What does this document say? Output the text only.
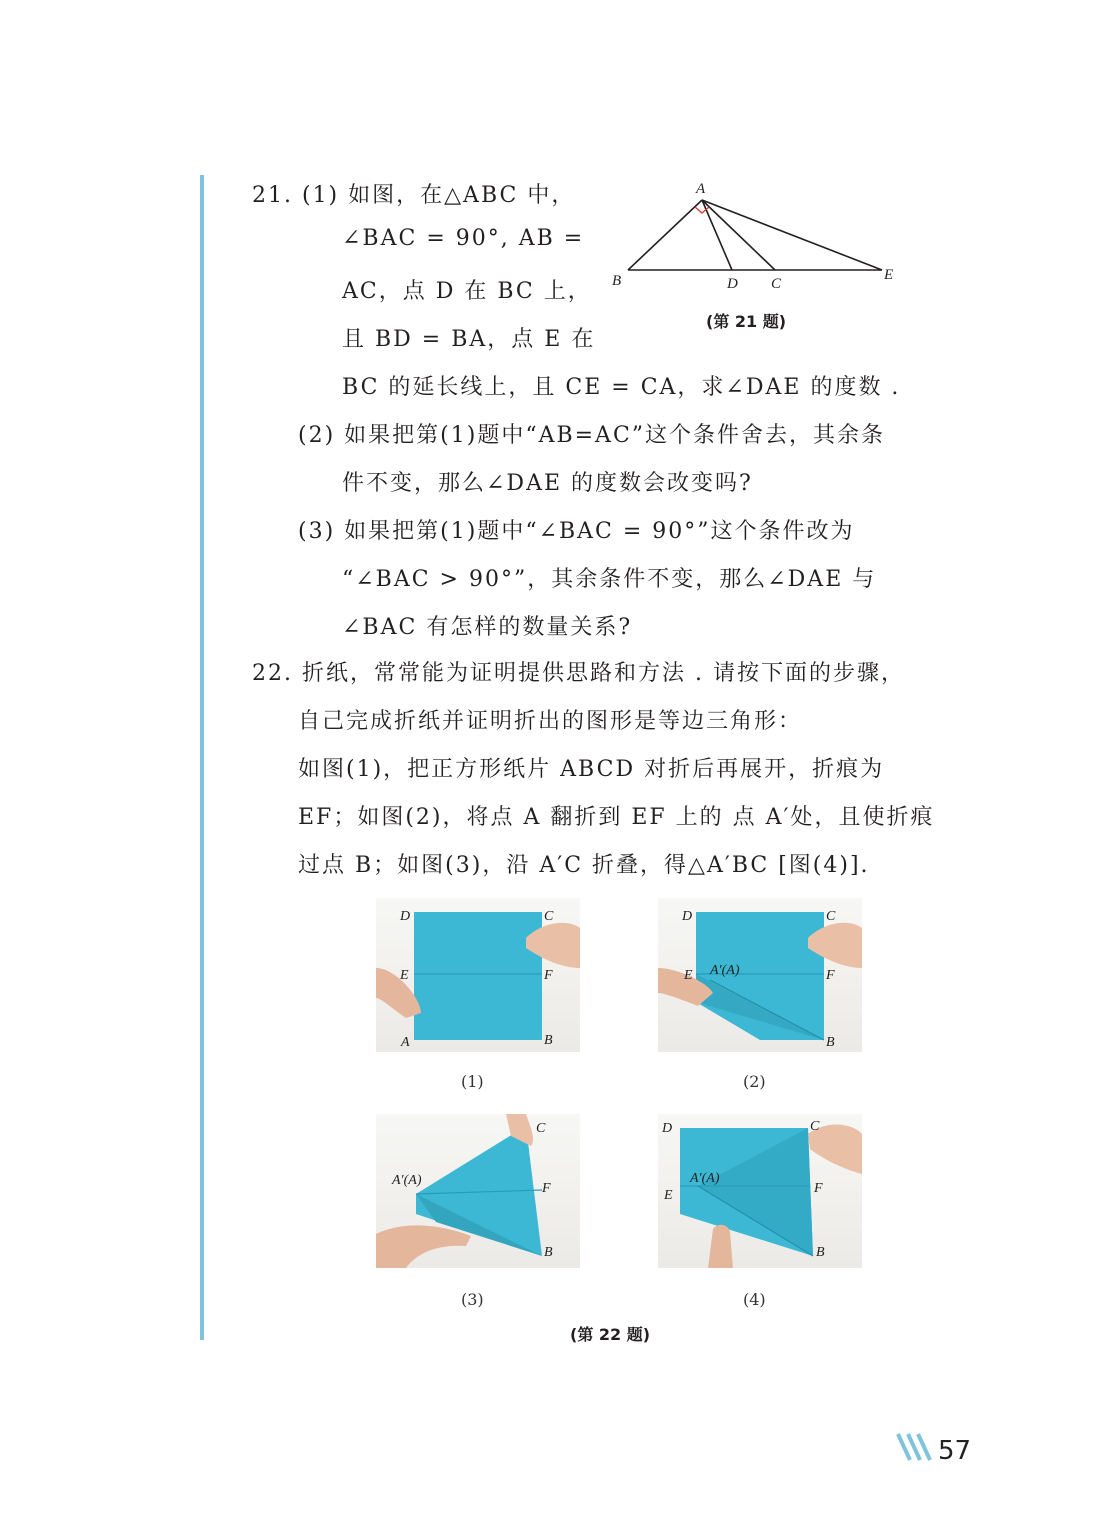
21. (1) 如图，在△ABC 中，
∠BAC = 90°, AB =
AC，点 D 在 BC 上，
且 BD = BA，点 E 在
BC 的延长线上，且 CE = CA，求∠DAE 的度数 .
(2) 如果把第(1)题中“AB=AC”这个条件舍去，其余条
件不变，那么∠DAE 的度数会改变吗?
(3) 如果把第(1)题中“∠BAC = 90°”这个条件改为
“∠BAC > 90°”，其余条件不变，那么∠DAE 与
∠BAC 有怎样的数量关系?
A
B	D C
E
(第 21 题)
22. 折纸，常常能为证明提供思路和方法 . 请按下面的步骤，
自己完成折纸并证明折出的图形是等边三角形：
如图(1)，把正方形纸片 ABCD 对折后再展开，折痕为
EF；如图(2)，将点 A 翻折到 EF 上的 点 A′处，且使折痕
过点 B；如图(3)，沿 A′C 折叠，得△A′BC [图(4)].
D	C
E	F
A	B
(1)
D	C
E A′(A)	F
B
(2)
C
A′(A)
F
B
(3)
D	C
E
A′(A)
F
B
(4)
(第 22 题)
57
